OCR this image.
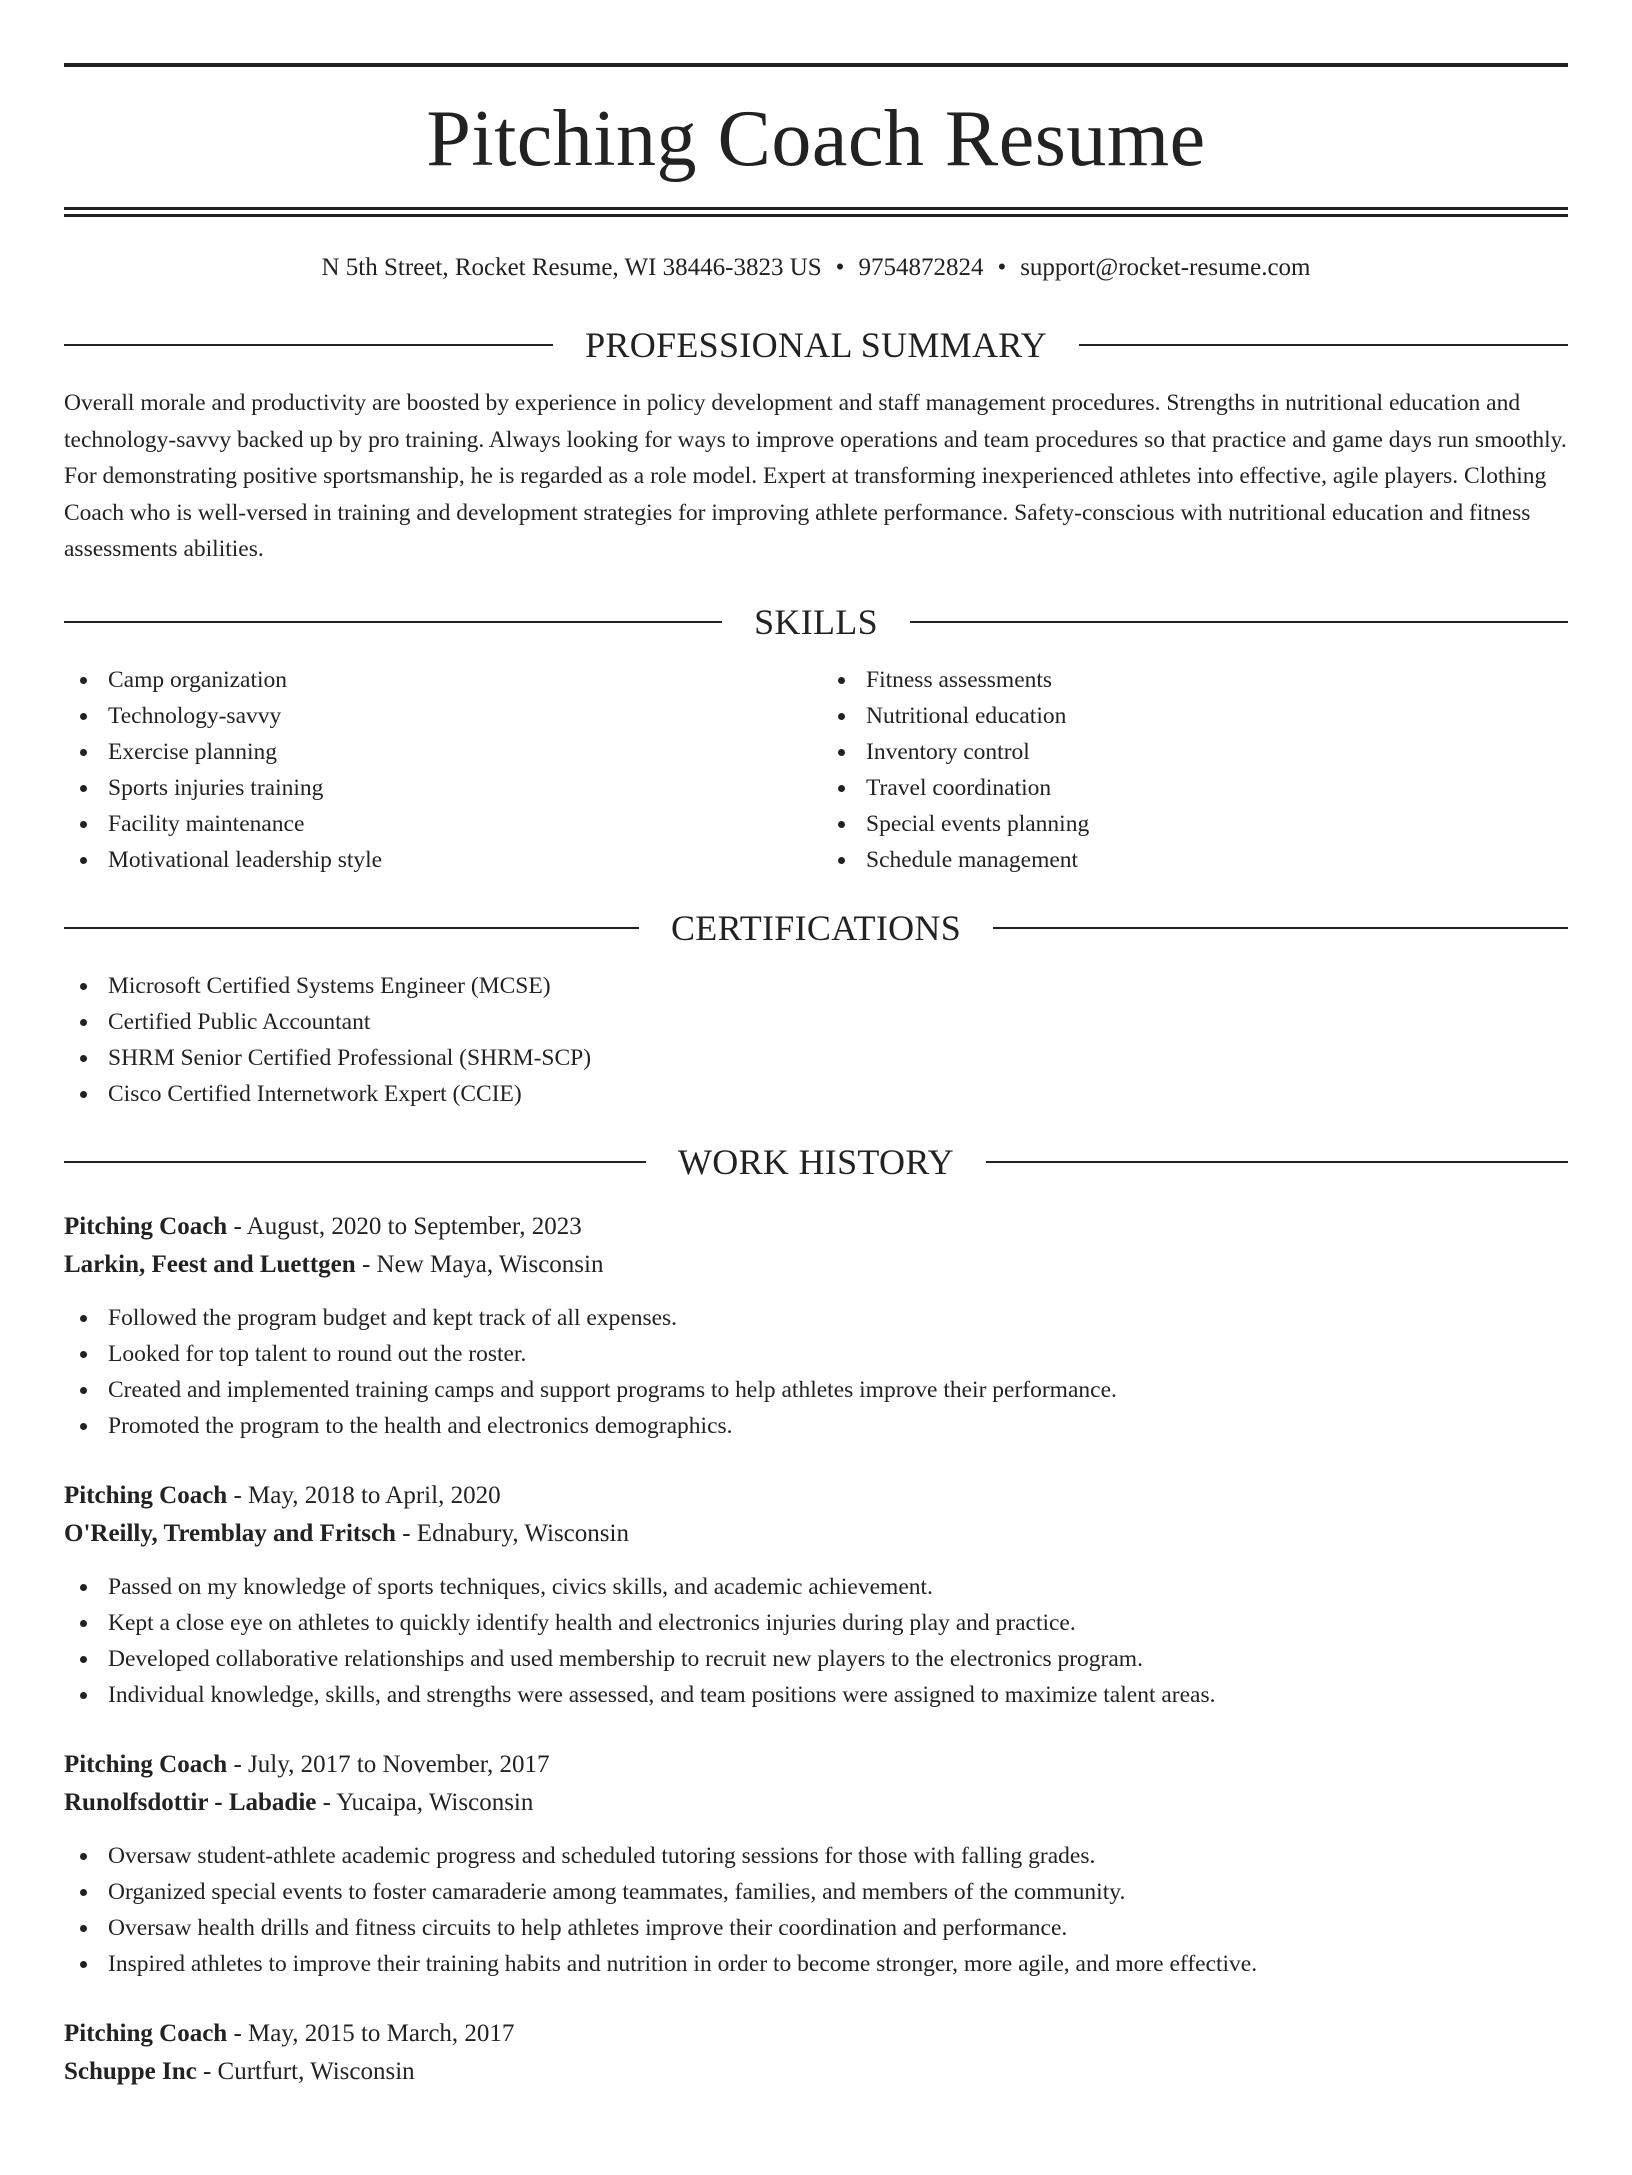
Pitching Coach Resume
N 5th Street, Rocket Resume, WI 38446-3823 US • 9754872824 • support@rocket-resume.com
PROFESSIONAL SUMMARY

Overall morale and productivity are boosted by experience in policy development and staff management procedures. Strengths in nutritional education and technology-savvy backed up by pro training. Always looking for ways to improve operations and team procedures so that practice and game days run smoothly. For demonstrating positive sportsmanship, he is regarded as a role model. Expert at transforming inexperienced athletes into effective, agile players. Clothing Coach who is well-versed in training and development strategies for improving athlete performance. Safety-conscious with nutritional education and fitness assessments abilities.

SKILLS
Camp organization
Technology-savvy
Exercise planning
Sports injuries training
Facility maintenance
Motivational leadership style
Fitness assessments
Nutritional education
Inventory control
Travel coordination
Special events planning
Schedule management
CERTIFICATIONS
Microsoft Certified Systems Engineer (MCSE)
Certified Public Accountant
SHRM Senior Certified Professional (SHRM-SCP)
Cisco Certified Internetwork Expert (CCIE)
WORK HISTORY
Pitching Coach - August, 2020 to September, 2023
Larkin, Feest and Luettgen - New Maya, Wisconsin
Followed the program budget and kept track of all expenses.
Looked for top talent to round out the roster.
Created and implemented training camps and support programs to help athletes improve their performance.
Promoted the program to the health and electronics demographics.
Pitching Coach - May, 2018 to April, 2020
O'Reilly, Tremblay and Fritsch - Ednabury, Wisconsin
Passed on my knowledge of sports techniques, civics skills, and academic achievement.
Kept a close eye on athletes to quickly identify health and electronics injuries during play and practice.
Developed collaborative relationships and used membership to recruit new players to the electronics program.
Individual knowledge, skills, and strengths were assessed, and team positions were assigned to maximize talent areas.
Pitching Coach - July, 2017 to November, 2017
Runolfsdottir - Labadie - Yucaipa, Wisconsin
Oversaw student-athlete academic progress and scheduled tutoring sessions for those with falling grades.
Organized special events to foster camaraderie among teammates, families, and members of the community.
Oversaw health drills and fitness circuits to help athletes improve their coordination and performance.
Inspired athletes to improve their training habits and nutrition in order to become stronger, more agile, and more effective.
Pitching Coach - May, 2015 to March, 2017
Schuppe Inc - Curtfurt, Wisconsin
